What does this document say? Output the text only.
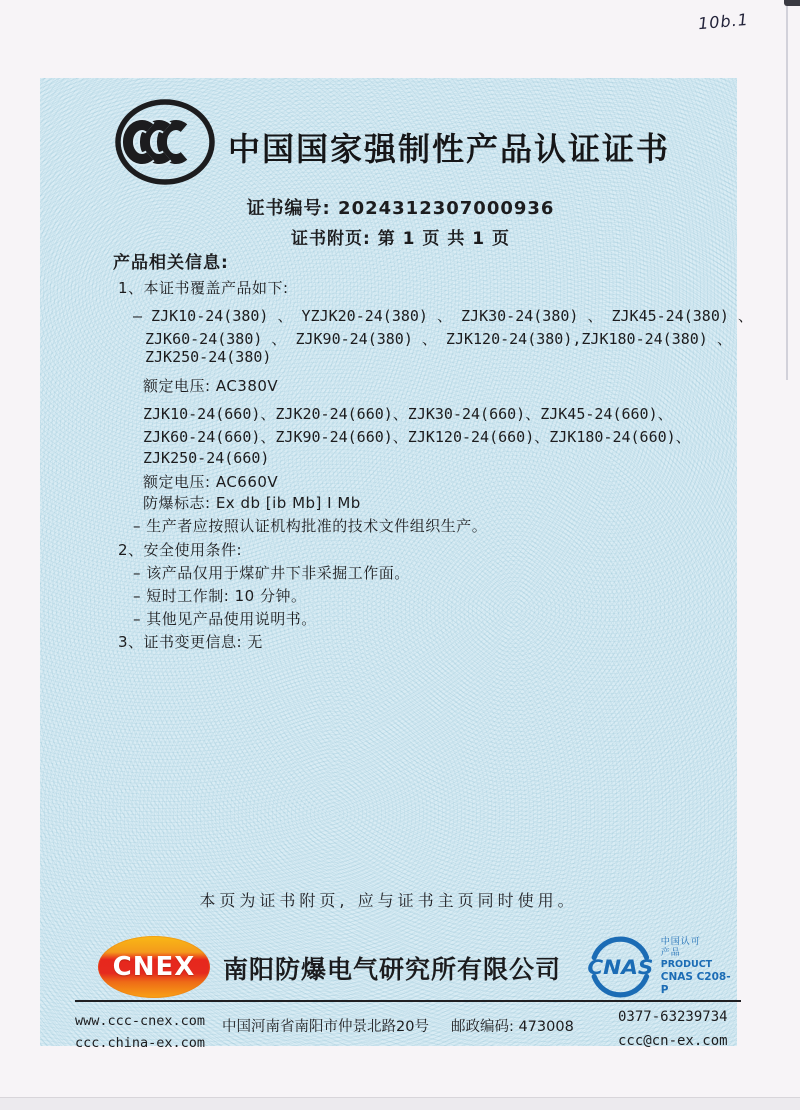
10b.1
中国国家强制性产品认证证书
证书编号: 2024312307000936
证书附页: 第 1 页 共 1 页
产品相关信息:
1、本证书覆盖产品如下:
– ZJK10-24(380) 、 YZJK20-24(380) 、 ZJK30-24(380) 、 ZJK45-24(380) 、
ZJK60-24(380) 、 ZJK90-24(380) 、 ZJK120-24(380),ZJK180-24(380) 、
ZJK250-24(380)
额定电压: AC380V
ZJK10-24(660)、ZJK20-24(660)、ZJK30-24(660)、ZJK45-24(660)、
ZJK60-24(660)、ZJK90-24(660)、ZJK120-24(660)、ZJK180-24(660)、
ZJK250-24(660)
额定电压: AC660V
防爆标志: Ex db [ib Mb] I Mb
– 生产者应按照认证机构批准的技术文件组织生产。
2、安全使用条件:
– 该产品仅用于煤矿井下非采掘工作面。
– 短时工作制: 10 分钟。
– 其他见产品使用说明书。
3、证书变更信息: 无
本页为证书附页, 应与证书主页同时使用。
CNEX	南阳防爆电气研究所有限公司	CNAS
中国认可
产品
PRODUCT
CNAS C208-P
www.ccc-cnex.com
ccc.china-ex.com
中国河南省南阳市仲景北路20号 邮政编码: 473008
0377-63239734
ccc@cn-ex.com
